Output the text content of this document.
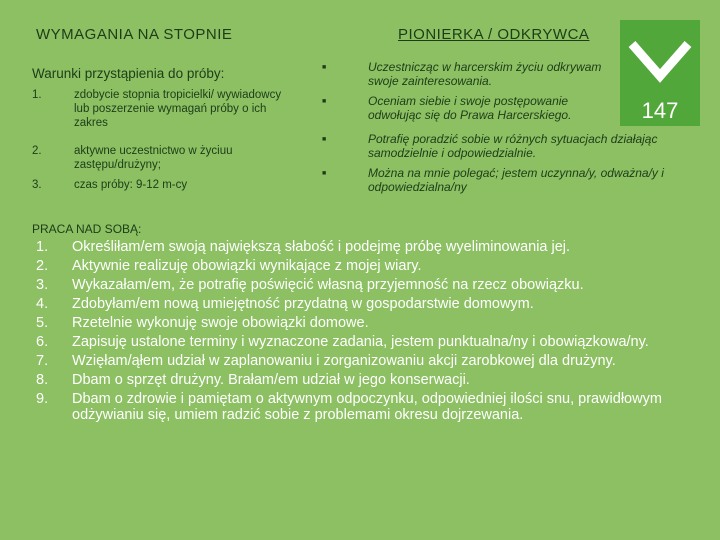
WYMAGANIA NA STOPNIE	PIONIERKA / ODKRYWCA
147
Warunki przystąpienia do próby:
1.	zdobycie stopnia tropicielki/ wywiadowcy lub poszerzenie wymagań próby o ich zakres
2.	aktywne uczestnictwo w życiuu zastępu/drużyny;
3.	czas próby: 9-12 m-cy
■	Uczestnicząc w harcerskim życiu odkrywam swoje zainteresowania.
■	Oceniam siebie i swoje postępowanie odwołując się do Prawa Harcerskiego.
■	Potrafię poradzić sobie w różnych sytuacjach działając samodzielnie i odpowiedzialnie.
■	Można na mnie polegać; jestem uczynna/y, odważna/y i odpowiedzialna/ny
PRACA NAD SOBĄ:
1. Określiłam/em swoją największą słabość i podejmę próbę wyeliminowania jej.
2. Aktywnie realizuję obowiązki wynikające z mojej wiary.
3. Wykazałam/em, że potrafię poświęcić własną przyjemność na rzecz obowiązku.
4. Zdobyłam/em nową umiejętność przydatną w gospodarstwie domowym.
5. Rzetelnie wykonuję swoje obowiązki domowe.
6. Zapisuję ustalone terminy i wyznaczone zadania, jestem punktualna/ny i obowiązkowa/ny.
7. Wzięłam/ąłem udział w zaplanowaniu i zorganizowaniu akcji zarobkowej dla drużyny.
8. Dbam o sprzęt drużyny. Brałam/em udział w jego konserwacji.
9. Dbam o zdrowie i pamiętam o aktywnym odpoczynku, odpowiedniej ilości snu, prawidłowym odżywianiu się, umiem radzić sobie z problemami okresu dojrzewania.
